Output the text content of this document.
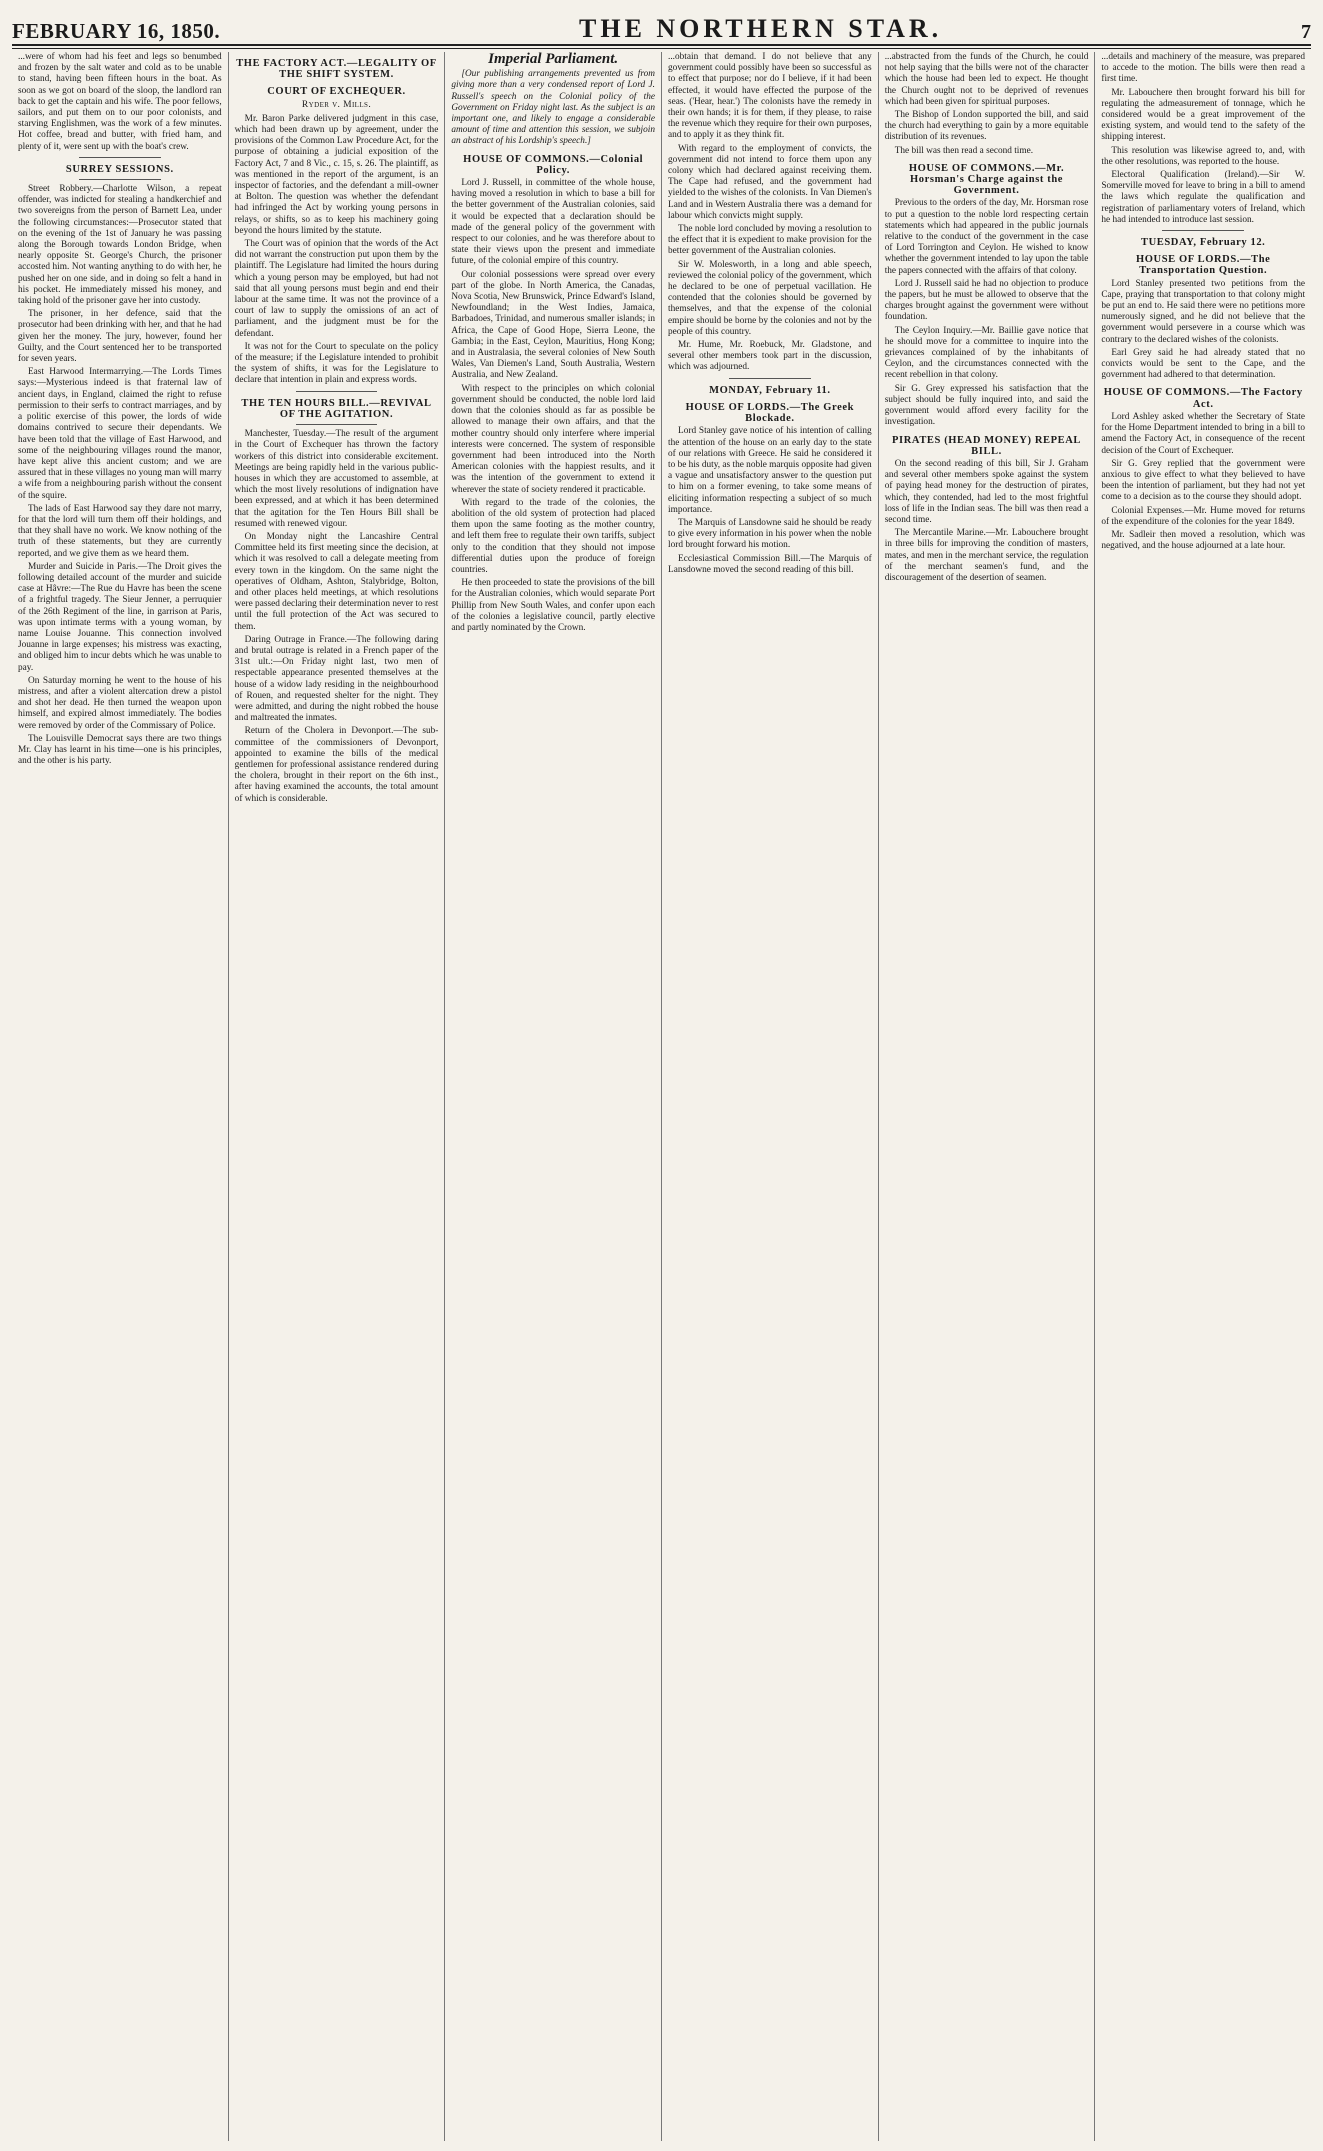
FEBRUARY 16, 1850.	THE NORTHERN STAR.	7

...were of whom had his feet and legs so benumbed and frozen by the salt water and cold as to be unable to stand, having been fifteen hours in the boat. As soon as we got on board of the sloop, the landlord ran back to get the captain and his wife. The poor fellows, sailors, and put them on to our poor colonists, and starving Englishmen, was the work of a few minutes. Hot coffee, bread and butter, with fried ham, and plenty of it, were sent up with the boat's crew.

SURREY SESSIONS.

Street Robbery.—Charlotte Wilson, a repeat offender, was indicted for stealing a handkerchief and two sovereigns from the person of Barnett Lea, under the following circumstances:—Prosecutor stated that on the evening of the 1st of January he was passing along the Borough towards London Bridge, when nearly opposite St. George's Church, the prisoner accosted him. Not wanting anything to do with her, he pushed her on one side, and in doing so felt a hand in his pocket. He immediately missed his money, and taking hold of the prisoner gave her into custody.

The prisoner, in her defence, said that the prosecutor had been drinking with her, and that he had given her the money. The jury, however, found her Guilty, and the Court sentenced her to be transported for seven years.

East Harwood Intermarrying.—The Lords Times says:—Mysterious indeed is that fraternal law of ancient days, in England, claimed the right to refuse permission to their serfs to contract marriages, and by a politic exercise of this power, the lords of wide domains contrived to secure their dependants. We have been told that the village of East Harwood, and some of the neighbouring villages round the manor, have kept alive this ancient custom; and we are assured that in these villages no young man will marry a wife from a neighbouring parish without the consent of the squire.

The lads of East Harwood say they dare not marry, for that the lord will turn them off their holdings, and that they shall have no work. We know nothing of the truth of these statements, but they are currently reported, and we give them as we heard them.

Murder and Suicide in Paris.—The Droit gives the following detailed account of the murder and suicide case at Hâvre:—The Rue du Havre has been the scene of a frightful tragedy. The Sieur Jenner, a perruquier of the 26th Regiment of the line, in garrison at Paris, was upon intimate terms with a young woman, by name Louise Jouanne. This connection involved Jouanne in large expenses; his mistress was exacting, and obliged him to incur debts which he was unable to pay.

On Saturday morning he went to the house of his mistress, and after a violent altercation drew a pistol and shot her dead. He then turned the weapon upon himself, and expired almost immediately. The bodies were removed by order of the Commissary of Police.

The Louisville Democrat says there are two things Mr. Clay has learnt in his time—one is his principles, and the other is his party.

THE FACTORY ACT.—LEGALITY OF THE SHIFT SYSTEM.
COURT OF EXCHEQUER.
Ryder v. Mills.

Mr. Baron Parke delivered judgment in this case, which had been drawn up by agreement, under the provisions of the Common Law Procedure Act, for the purpose of obtaining a judicial exposition of the Factory Act, 7 and 8 Vic., c. 15, s. 26. The plaintiff, as was mentioned in the report of the argument, is an inspector of factories, and the defendant a mill-owner at Bolton. The question was whether the defendant had infringed the Act by working young persons in relays, or shifts, so as to keep his machinery going beyond the hours limited by the statute.

The Court was of opinion that the words of the Act did not warrant the construction put upon them by the plaintiff. The Legislature had limited the hours during which a young person may be employed, but had not said that all young persons must begin and end their labour at the same time. It was not the province of a court of law to supply the omissions of an act of parliament, and the judgment must be for the defendant.

It was not for the Court to speculate on the policy of the measure; if the Legislature intended to prohibit the system of shifts, it was for the Legislature to declare that intention in plain and express words.

THE TEN HOURS BILL.—REVIVAL OF THE AGITATION.

Manchester, Tuesday.—The result of the argument in the Court of Exchequer has thrown the factory workers of this district into considerable excitement. Meetings are being rapidly held in the various public-houses in which they are accustomed to assemble, at which the most lively resolutions of indignation have been expressed, and at which it has been determined that the agitation for the Ten Hours Bill shall be resumed with renewed vigour.

On Monday night the Lancashire Central Committee held its first meeting since the decision, at which it was resolved to call a delegate meeting from every town in the kingdom. On the same night the operatives of Oldham, Ashton, Stalybridge, Bolton, and other places held meetings, at which resolutions were passed declaring their determination never to rest until the full protection of the Act was secured to them.

Daring Outrage in France.—The following daring and brutal outrage is related in a French paper of the 31st ult.:—On Friday night last, two men of respectable appearance presented themselves at the house of a widow lady residing in the neighbourhood of Rouen, and requested shelter for the night. They were admitted, and during the night robbed the house and maltreated the inmates.

Return of the Cholera in Devonport.—The sub-committee of the commissioners of Devonport, appointed to examine the bills of the medical gentlemen for professional assistance rendered during the cholera, brought in their report on the 6th inst., after having examined the accounts, the total amount of which is considerable.

Imperial Parliament.

[Our publishing arrangements prevented us from giving more than a very condensed report of Lord J. Russell's speech on the Colonial policy of the Government on Friday night last. As the subject is an important one, and likely to engage a considerable amount of time and attention this session, we subjoin an abstract of his Lordship's speech.]

HOUSE OF COMMONS.—Colonial Policy.

Lord J. Russell, in committee of the whole house, having moved a resolution in which to base a bill for the better government of the Australian colonies, said it would be expected that a declaration should be made of the general policy of the government with respect to our colonies, and he was therefore about to state their views upon the present and immediate future, of the colonial empire of this country.

Our colonial possessions were spread over every part of the globe. In North America, the Canadas, Nova Scotia, New Brunswick, Prince Edward's Island, Newfoundland; in the West Indies, Jamaica, Barbadoes, Trinidad, and numerous smaller islands; in Africa, the Cape of Good Hope, Sierra Leone, the Gambia; in the East, Ceylon, Mauritius, Hong Kong; and in Australasia, the several colonies of New South Wales, Van Diemen's Land, South Australia, Western Australia, and New Zealand.

With respect to the principles on which colonial government should be conducted, the noble lord laid down that the colonies should as far as possible be allowed to manage their own affairs, and that the mother country should only interfere where imperial interests were concerned. The system of responsible government had been introduced into the North American colonies with the happiest results, and it was the intention of the government to extend it wherever the state of society rendered it practicable.

With regard to the trade of the colonies, the abolition of the old system of protection had placed them upon the same footing as the mother country, and left them free to regulate their own tariffs, subject only to the condition that they should not impose differential duties upon the produce of foreign countries.

He then proceeded to state the provisions of the bill for the Australian colonies, which would separate Port Phillip from New South Wales, and confer upon each of the colonies a legislative council, partly elective and partly nominated by the Crown.

...obtain that demand. I do not believe that any government could possibly have been so successful as to effect that purpose; nor do I believe, if it had been effected, it would have effected the purpose of the seas. ('Hear, hear.') The colonists have the remedy in their own hands; it is for them, if they please, to raise the revenue which they require for their own purposes, and to apply it as they think fit.

With regard to the employment of convicts, the government did not intend to force them upon any colony which had declared against receiving them. The Cape had refused, and the government had yielded to the wishes of the colonists. In Van Diemen's Land and in Western Australia there was a demand for labour which convicts might supply.

The noble lord concluded by moving a resolution to the effect that it is expedient to make provision for the better government of the Australian colonies.

Sir W. Molesworth, in a long and able speech, reviewed the colonial policy of the government, which he declared to be one of perpetual vacillation. He contended that the colonies should be governed by themselves, and that the expense of the colonial empire should be borne by the colonies and not by the people of this country.

Mr. Hume, Mr. Roebuck, Mr. Gladstone, and several other members took part in the discussion, which was adjourned.

MONDAY, February 11.
HOUSE OF LORDS.—The Greek Blockade.

Lord Stanley gave notice of his intention of calling the attention of the house on an early day to the state of our relations with Greece. He said he considered it to be his duty, as the noble marquis opposite had given a vague and unsatisfactory answer to the question put to him on a former evening, to take some means of eliciting information respecting a subject of so much importance.

The Marquis of Lansdowne said he should be ready to give every information in his power when the noble lord brought forward his motion.

Ecclesiastical Commission Bill.—The Marquis of Lansdowne moved the second reading of this bill.

...abstracted from the funds of the Church, he could not help saying that the bills were not of the character which the house had been led to expect. He thought the Church ought not to be deprived of revenues which had been given for spiritual purposes.

The Bishop of London supported the bill, and said the church had everything to gain by a more equitable distribution of its revenues.

The bill was then read a second time.

HOUSE OF COMMONS.—Mr. Horsman's Charge against the Government.

Previous to the orders of the day, Mr. Horsman rose to put a question to the noble lord respecting certain statements which had appeared in the public journals relative to the conduct of the government in the case of Lord Torrington and Ceylon. He wished to know whether the government intended to lay upon the table the papers connected with the affairs of that colony.

Lord J. Russell said he had no objection to produce the papers, but he must be allowed to observe that the charges brought against the government were without foundation.

The Ceylon Inquiry.—Mr. Baillie gave notice that he should move for a committee to inquire into the grievances complained of by the inhabitants of Ceylon, and the circumstances connected with the recent rebellion in that colony.

Sir G. Grey expressed his satisfaction that the subject should be fully inquired into, and said the government would afford every facility for the investigation.

PIRATES (HEAD MONEY) REPEAL BILL.

On the second reading of this bill, Sir J. Graham and several other members spoke against the system of paying head money for the destruction of pirates, which, they contended, had led to the most frightful loss of life in the Indian seas. The bill was then read a second time.

The Mercantile Marine.—Mr. Labouchere brought in three bills for improving the condition of masters, mates, and men in the merchant service, the regulation of the merchant seamen's fund, and the discouragement of the desertion of seamen.

...details and machinery of the measure, was prepared to accede to the motion. The bills were then read a first time.

Mr. Labouchere then brought forward his bill for regulating the admeasurement of tonnage, which he considered would be a great improvement of the existing system, and would tend to the safety of the shipping interest.

This resolution was likewise agreed to, and, with the other resolutions, was reported to the house.

Electoral Qualification (Ireland).—Sir W. Somerville moved for leave to bring in a bill to amend the laws which regulate the qualification and registration of parliamentary voters of Ireland, which he had intended to introduce last session.

TUESDAY, February 12.
HOUSE OF LORDS.—The Transportation Question.

Lord Stanley presented two petitions from the Cape, praying that transportation to that colony might be put an end to. He said there were no petitions more numerously signed, and he did not believe that the government would persevere in a course which was contrary to the declared wishes of the colonists.

Earl Grey said he had already stated that no convicts would be sent to the Cape, and the government had adhered to that determination.

HOUSE OF COMMONS.—The Factory Act.

Lord Ashley asked whether the Secretary of State for the Home Department intended to bring in a bill to amend the Factory Act, in consequence of the recent decision of the Court of Exchequer.

Sir G. Grey replied that the government were anxious to give effect to what they believed to have been the intention of parliament, but they had not yet come to a decision as to the course they should adopt.

Colonial Expenses.—Mr. Hume moved for returns of the expenditure of the colonies for the year 1849.

Mr. Sadleir then moved a resolution, which was negatived, and the house adjourned at a late hour.
